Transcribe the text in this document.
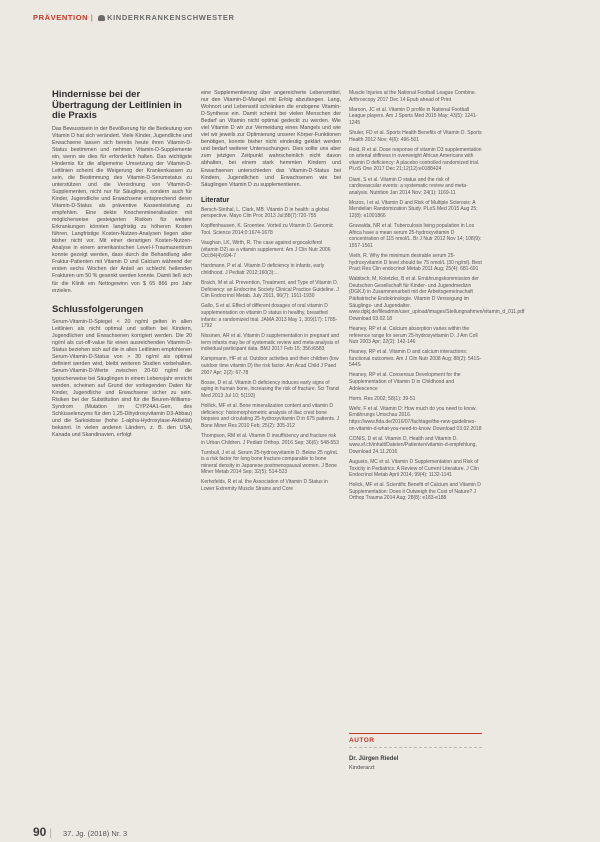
PRÄVENTION | KINDERKRANKENSCHWESTER
Hindernisse bei der Übertragung der Leitlinien in die Praxis

Das Bewusstsein in der Bevölkerung für die Bedeutung von Vitamin D hat sich verändert. Viele Kinder, Jugendliche und Erwachsene lassen sich bereits heute ihren Vitamin-D-Status bestimmen und nehmen Vitamin-D-Supplemente ein, wenn sie dies für erforderlich halten. Das wichtigste Hindernis für die allgemeine Umsetzung der Vitamin-D-Leitlinien scheint die Weigerung der Krankenkassen zu sein, die Bestimmung des Vitamin-D-Serumstatus zu unterstützen und die Verordnung von Vitamin-D-Supplementen, nicht nur für Säuglinge, sondern auch für Kinder, Jugendliche und Erwachsene entsprechend deren Vitamin-D-Status als präventive Kassenleistung zu empfehlen. Eine dekte Knochenmineralisation mit möglicherweise gesteigerten Risiken für weitere Erkrankungen könnten langfristig zu höheren Kosten führen. Langfristige Kosten-Nutzen-Analysen liegen aber bisher nicht vor. Mit einer derartigen Kosten-Nutzen-Analyse in einem amerikanischen Level-I-Traumazentrum konnte gezeigt werden, dass durch die Behandlung aller Fraktur-Patienten mit Vitamin D und Calcium während der ersten sechs Wochen der Anteil an schlecht heilenden Frakturen um 50 % gesenkt werden konnte. Damit ließ sich für die Klinik ein Nettogewinn von $ 65 866 pro Jahr erzielen.

Schlussfolgerungen

Serum-Vitamin-D-Spiegel < 20 ng/ml gelten in allen Leitlinien als nicht optimal und sollten bei Kindern, Jugendlichen und Erwachsenen korrigiert werden. Die 20 ng/ml als cut-off-value für einen ausreichenden Vitamin-D-Status beziehen sich auf die in allen Leitlinien empfohlenen Serum-Vitamin-D-Status von > 30 ng/ml als optimal definiert werden wird, bleibt weiteren Studien vorbehalten. Serum-Vitamin-D-Werte zwischen 20-60 ng/ml die typischerweise bei Säuglingen in einem Lebensjahr erreicht werden, scheinen auf Grund der vorliegenden Daten für Kinder, Jugendliche und Erwachsene sicher zu sein. Risiken bei der Substitution sind für die Beuren-Williams-Syndrom (Mutation im CYP24A1-Gen, des Schlüsselenzyms für den 1,25-Dihydroxyvitamin D3-Abbau) und die Sarkoidose (hohe 1-alpha-Hydroxylase-Aktivität) bekannt. In vielen anderen Ländern, z. B. den USA, Kanada und Skandinavien, erfolgt

eine Supplementierung über angereicherte Lebensmittel, nur den Vitamin-D-Mangel mit Erfolg abzufangen. Lang, Wohnort und Lebensstil schränken die endogene Vitamin-D-Synthese ein. Damit scheint bei vielen Menschen der Bedarf an Vitamin nicht optimal gedeckt zu werden. Wie viel Vitamin D wir zur Vermeidung eines Mangels und wie viel wir jeweils zur Optimierung unserer Körper-Funktionen benötigen, konnte bisher nicht eindeutig geklärt werden und bedarf weiterer Untersuchungen. Dies sollte uns aber zum jetzigen Zeitpunkt wahrscheinlich nicht davon abhalten, bei einem stark hemmten Kindern und Erwachsenen unterschieden das Vitamin-D-Status bei Kindern, Jugendlichen und Erwachsenen wie bei Säuglingen Vitamin D zu supplementieren.

Literatur

Bersch-Sinthal, L. Clark, MB. Vitamin D in health: a global perspective. Mayo Clin Proc 2013 Jul;88(7):720-755

Kopffenhausen, K. Groentee. Vorteil zu Vitamin D. Genomic Tool. Science 2014;0:1674-1678

Vaughan, LK, Wirth, R. The case against ergocalciferol (vitamin D2) as a vitamin supplement. Am J Clin Nutr 2006 Oct;84(4):694-7

Hardmann, P et al. Vitamin D deficiency in infants, early childhood. J Pediatr 2012;160(3):...

Braich, M et al. Prevention, Treatment, and Type of Vitamin D. Deficiency: an Endocrine Society Clinical Practice Guideline. J Clin Endocrinol Metab. July 2011, 96(7): 1911-1930

Gallo, S et al. Effect of different dosages of oral vitamin D supplementation on vitamin D status in healthy, breastfed infants: a randomized trial. JAMA 2013 May 1, 309(17): 1785-1792

Nissinen, AR et al. Vitamin D supplementation in pregnant and term infants may be of systematic review and meta-analysis of individual participant data. BMJ 2017 Feb 15; 356:i6583

Kampmann, HF et al. Outdoor activities and their children (low outdoor time vitamin D) the risk factor. Am Acad Child J Paed 2007 Apr; 2(2): 67-78

Bosse, D et al. Vitamin D deficiency induces early signs of aging in human bone, increasing the risk of fracture. Sci Transl Med 2013 Jul 10; 5(193)

Hollick, MF et al. Bone mineralization content and vitamin D deficiency: histomorphometric analysis of iliac crest bone biopsies and circulating 25-hydroxyvitamin D in 675 patients. J Bone Miner Res 2010 Feb; 25(2): 305-312

Thompson, RM et al. Vitamin D insufficiency and fracture risk in Urban Children. J Pediatr Orthop. 2016 Sep; 36(6): 548-553

Turnbull, J et al. Serum 25-hydroxyvitamin D. Below 25 ng/mL is a risk factor for long bone fracture comparable to bone mineral density in Japanese postmenopausal women. J Bone Miner Metab 2014 Sep; 32(5): 514-523

Kerhofelds, R et al. the Association of Vitamin D Status in Lower Extremity Muscle Strains and Core

Muscle Injuries at the National Football League Combine. Arthroscopy 2017 Dec 14 Epub ahead of Print

Maroon, JC et al. Vitamin D profile in National Football League players. Am J Sports Med 2015 May; 43(5): 1241-1245

Shuler, FD et al. Sports Health Benefits of Vitamin D. Sports Health 2012 Nov; 4(6): 496-501

Reid, R et al. Dose response of vitamin D3 supplementation on arterial stiffness in overweight African Americans with vitamin D deficiency: A placebo controlled randomized trial. PLoS One 2017 Dec 21;12(12):e0188424

Diani, S et al. Vitamin D status and the risk of cardiovascular events: a systematic review and meta-analysis. Nutrition Jan 2014 Nov; 24(1): 1169-11

Mozos, I et al. Vitamin D and Risk of Multiple Sclerosis: A Mendelian Randomization Study. PLoS Med 2015 Aug 25; 12(8): e1001866

Gruwalda, NR et al. Tuberculosis living population in Los Africa have a mean serum 25-hydroxyvitamin D concentration of 115 nmol/L. Br J Nutr 2012 Nov 14; 108(9): 1557-1561

Vieth, R. Why the minimum desirable serum 25-hydroxyvitamin D level should be 75 nmol/L (30 ng/ml). Best Pract Res Clin endocrinol Metab 2011 Aug; 25(4): 681-691

Wabitsch, M, Koletzko, B et al. Ernährungskommission der Deutschen Gesellschaft für Kinder- und Jugendmedizin (DGKJ) in Zusammenarbeit mit der Arbeitsgemeinschaft Pädiatrische Endokrinologie. Vitamin D Versorgung im Säuglings- und Jugendalter. www.dgkj.de/fileadmin/user_upload/images/Stellungnahmen/vitamin_d_011.pdf Download 03.02.18

Heaney, RP et al. Calcium absorption varies within the reference range for serum 25-hydroxyvitamin D. J Am Coll Nutr 2003 Apr; 22(2): 142-146

Heaney, RP et al. Vitamin D and calcium interactions: functional outcomes. Am J Clin Nutr 2008 Aug; 88(2): 541S-544S

Heaney, RP et al. Consensus Development for the Supplementation of Vitamin D in Childhood and Adolescence

Horm. Res 2002; 58(1): 39-51

Wehr, F et al. Vitamin D: How much do you need to know. Ernährungs Umschau 2016. https://www.fida.de/2016/07/fachtage/the-new-guidelines-on-vitamin-d-what-you-need-to-know. Download 03.02.2018

CONIS, D et al. Vitamin D, Health and Vitamin D. www.sf.ch/inhalt/Dateien/Patienten/vitamin-d-empfehlung, Download 24.11.2016

Augusto, MC et al. Vitamin D Supplementation and Risk of Toxicity in Pediatrics: A Review of Current Literature. J Clin Endocrinol Metab April 2014; 99(4): 1132-1141

Holick, MF et al. Scientific Benefit of Calcium and Vitamin D Supplementation: Does it Outweigh the Cost of Nature? J Orthop Trauma 2014 Aug; 28(8): e183-e188

AUTOR
Dr. Jürgen Riedel
Kinderarzt
90 | 37. Jg. (2018) Nr. 3
